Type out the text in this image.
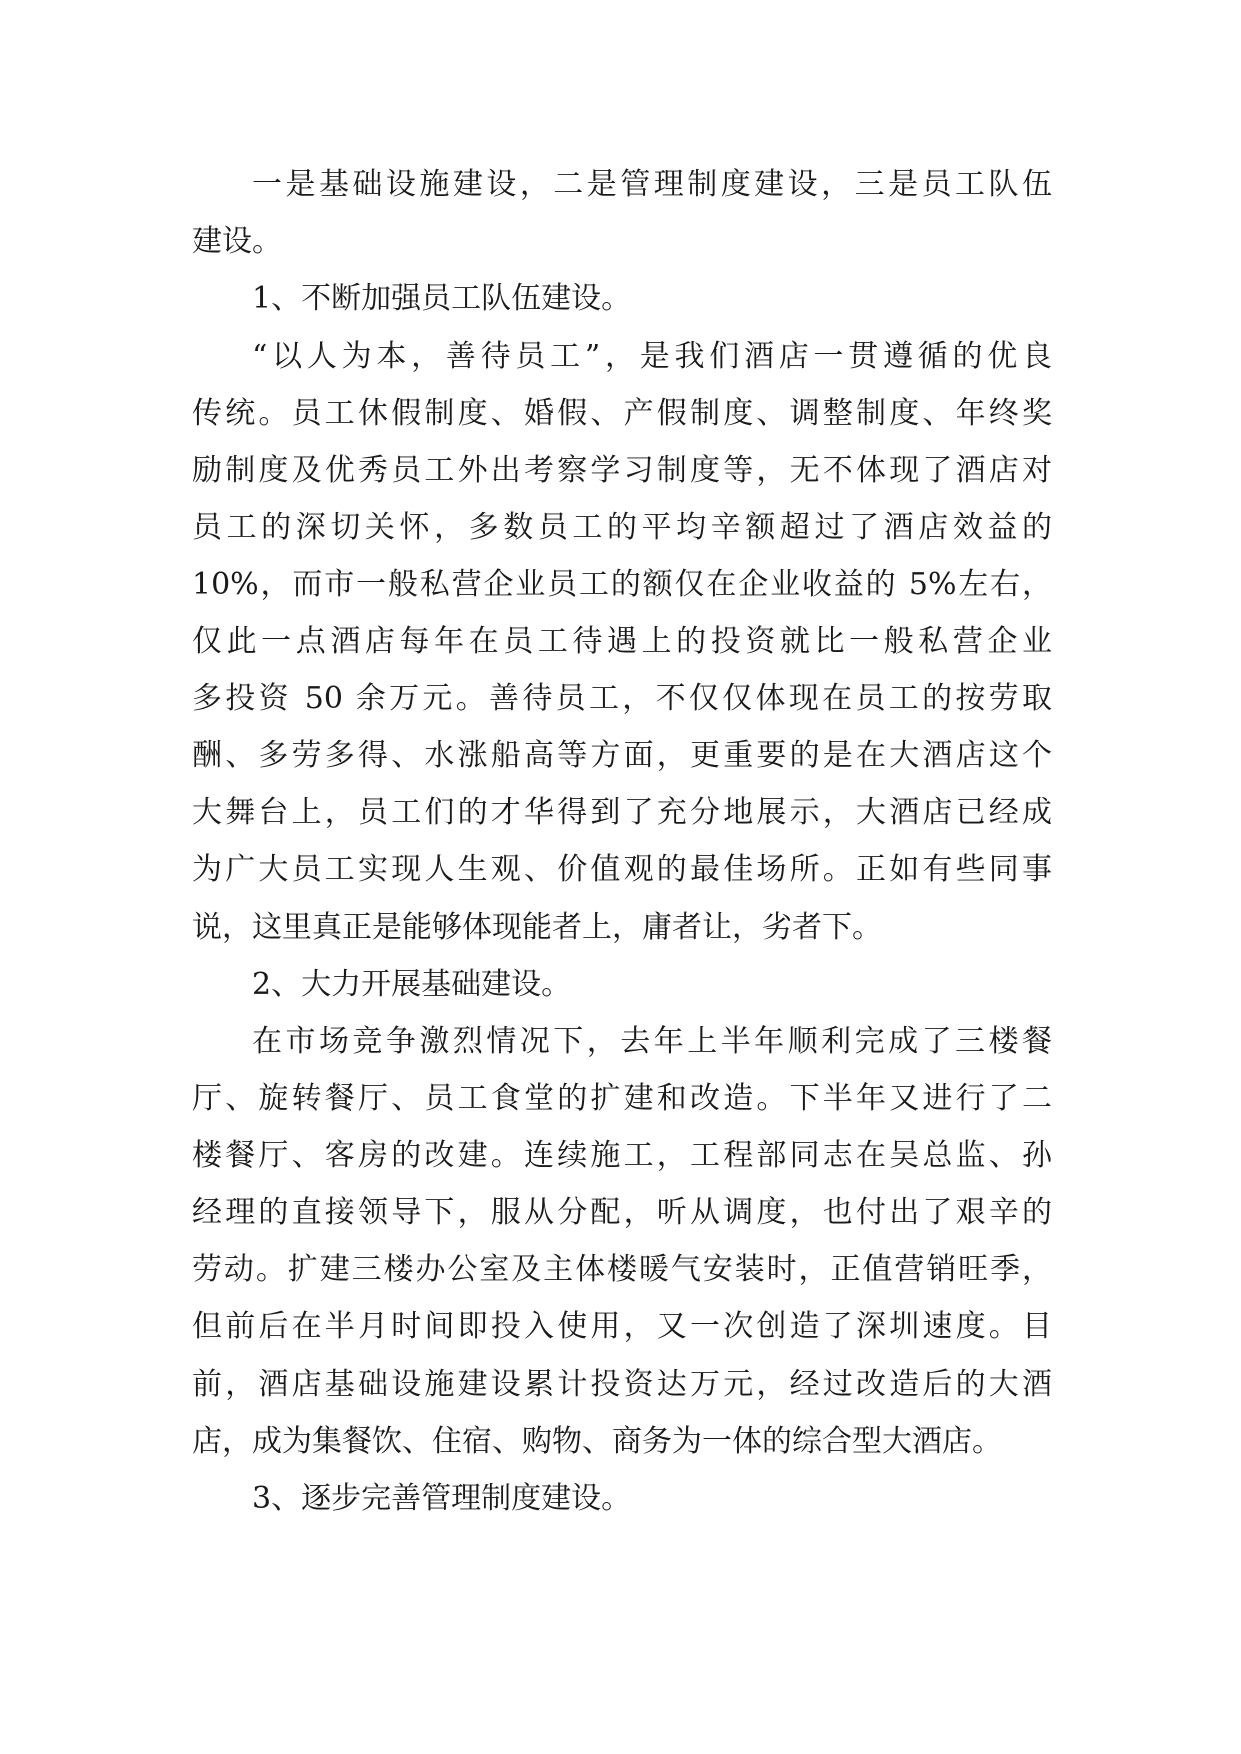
一是基础设施建设，二是管理制度建设，三是员工队伍

建设。

1、不断加强员工队伍建设。

“以人为本，善待员工”，是我们酒店一贯遵循的优良

传统。员工休假制度、婚假、产假制度、调整制度、年终奖

励制度及优秀员工外出考察学习制度等，无不体现了酒店对

员工的深切关怀，多数员工的平均辛额超过了酒店效益的

10%，而市一般私营企业员工的额仅在企业收益的 5%左右，

仅此一点酒店每年在员工待遇上的投资就比一般私营企业

多投资 50 余万元。善待员工，不仅仅体现在员工的按劳取

酬、多劳多得、水涨船高等方面，更重要的是在大酒店这个

大舞台上，员工们的才华得到了充分地展示，大酒店已经成

为广大员工实现人生观、价值观的最佳场所。正如有些同事

说，这里真正是能够体现能者上，庸者让，劣者下。

2、大力开展基础建设。

在市场竞争激烈情况下，去年上半年顺利完成了三楼餐

厅、旋转餐厅、员工食堂的扩建和改造。下半年又进行了二

楼餐厅、客房的改建。连续施工，工程部同志在吴总监、孙

经理的直接领导下，服从分配，听从调度，也付出了艰辛的

劳动。扩建三楼办公室及主体楼暖气安装时，正值营销旺季，

但前后在半月时间即投入使用，又一次创造了深圳速度。目

前，酒店基础设施建设累计投资达万元，经过改造后的大酒

店，成为集餐饮、住宿、购物、商务为一体的综合型大酒店。

3、逐步完善管理制度建设。
